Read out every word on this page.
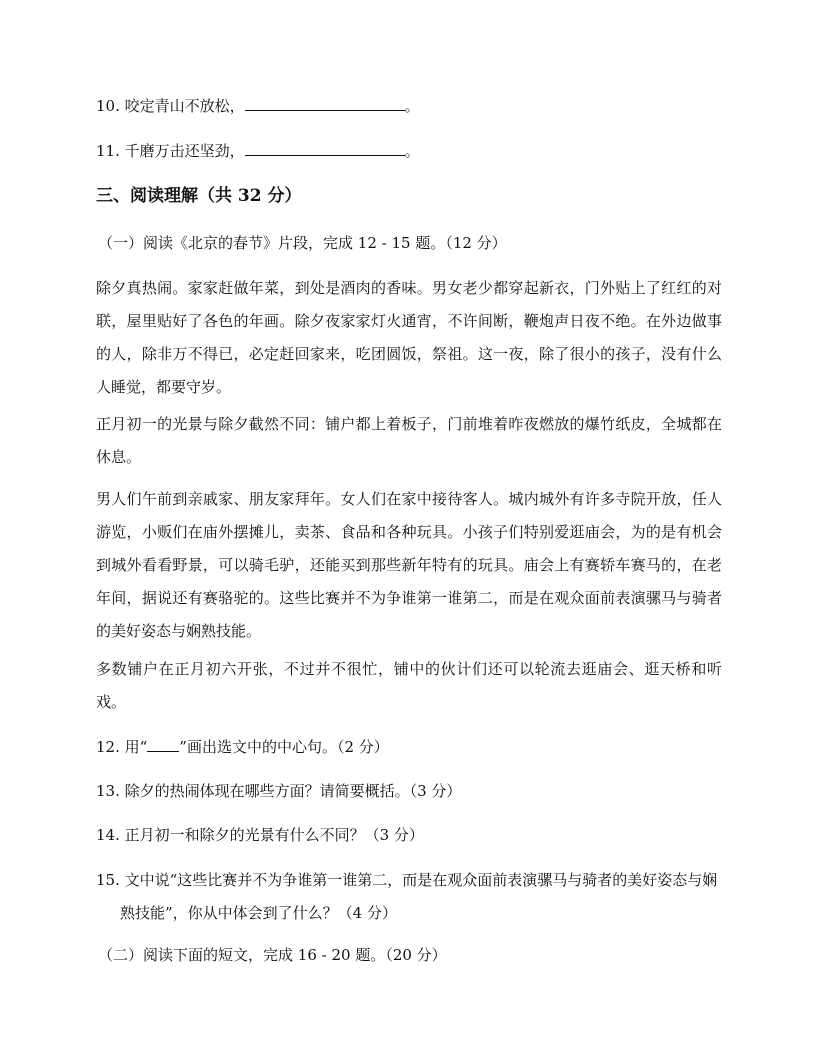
10. 咬定青山不放松，	。
11. 千磨万击还坚劲，	。
三、阅读理解（共 32 分）
（一）阅读《北京的春节》片段，完成 12 - 15 题。（12 分）
除夕真热闹。家家赶做年菜，到处是酒肉的香味。男女老少都穿起新衣，门外贴上了红红的对联，屋里贴好了各色的年画。除夕夜家家灯火通宵，不许间断，鞭炮声日夜不绝。在外边做事的人，除非万不得已，必定赶回家来，吃团圆饭，祭祖。这一夜，除了很小的孩子，没有什么人睡觉，都要守岁。
正月初一的光景与除夕截然不同：铺户都上着板子，门前堆着昨夜燃放的爆竹纸皮，全城都在休息。
男人们午前到亲戚家、朋友家拜年。女人们在家中接待客人。城内城外有许多寺院开放，任人游览，小贩们在庙外摆摊儿，卖茶、食品和各种玩具。小孩子们特别爱逛庙会，为的是有机会到城外看看野景，可以骑毛驴，还能买到那些新年特有的玩具。庙会上有赛轿车赛马的，在老年间，据说还有赛骆驼的。这些比赛并不为争谁第一谁第二，而是在观众面前表演骡马与骑者的美好姿态与娴熟技能。
多数铺户在正月初六开张，不过并不很忙，铺中的伙计们还可以轮流去逛庙会、逛天桥和听戏。
12. 用“ ”画出选文中的中心句。（2 分）
13. 除夕的热闹体现在哪些方面？请简要概括。（3 分）
14. 正月初一和除夕的光景有什么不同？（3 分）
15. 文中说“这些比赛并不为争谁第一谁第二，而是在观众面前表演骡马与骑者的美好姿态与娴熟技能”，你从中体会到了什么？（4 分）
（二）阅读下面的短文，完成 16 - 20 题。（20 分）
